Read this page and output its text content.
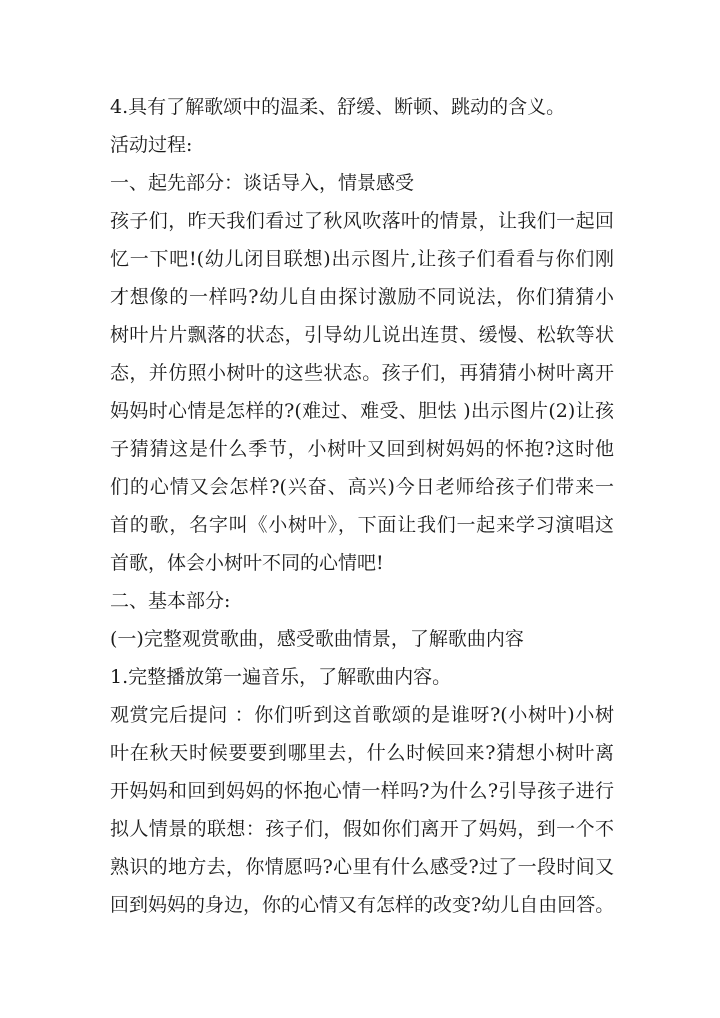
4.具有了解歌颂中的温柔、舒缓、断顿、跳动的含义。
活动过程:
一、起先部分：谈话导入，情景感受
孩子们，昨天我们看过了秋风吹落叶的情景，让我们一起回
忆一下吧!(幼儿闭目联想)出示图片,让孩子们看看与你们刚
才想像的一样吗?幼儿自由探讨激励不同说法，你们猜猜小
树叶片片飘落的状态，引导幼儿说出连贯、缓慢、松软等状
态，并仿照小树叶的这些状态。孩子们，再猜猜小树叶离开
妈妈时心情是怎样的?(难过、难受、胆怯 )出示图片(2)让孩
子猜猜这是什么季节，小树叶又回到树妈妈的怀抱?这时他
们的心情又会怎样?(兴奋、高兴)今日老师给孩子们带来一
首的歌，名字叫《小树叶》，下面让我们一起来学习演唱这
首歌，体会小树叶不同的心情吧!
二、基本部分:
(一)完整观赏歌曲，感受歌曲情景，了解歌曲内容
1.完整播放第一遍音乐，了解歌曲内容。
观赏完后提问 ：你们听到这首歌颂的是谁呀?(小树叶)小树
叶在秋天时候要要到哪里去，什么时候回来?猜想小树叶离
开妈妈和回到妈妈的怀抱心情一样吗?为什么?引导孩子进行
拟人情景的联想：孩子们，假如你们离开了妈妈，到一个不
熟识的地方去，你情愿吗?心里有什么感受?过了一段时间又
回到妈妈的身边，你的心情又有怎样的改变?幼儿自由回答。
